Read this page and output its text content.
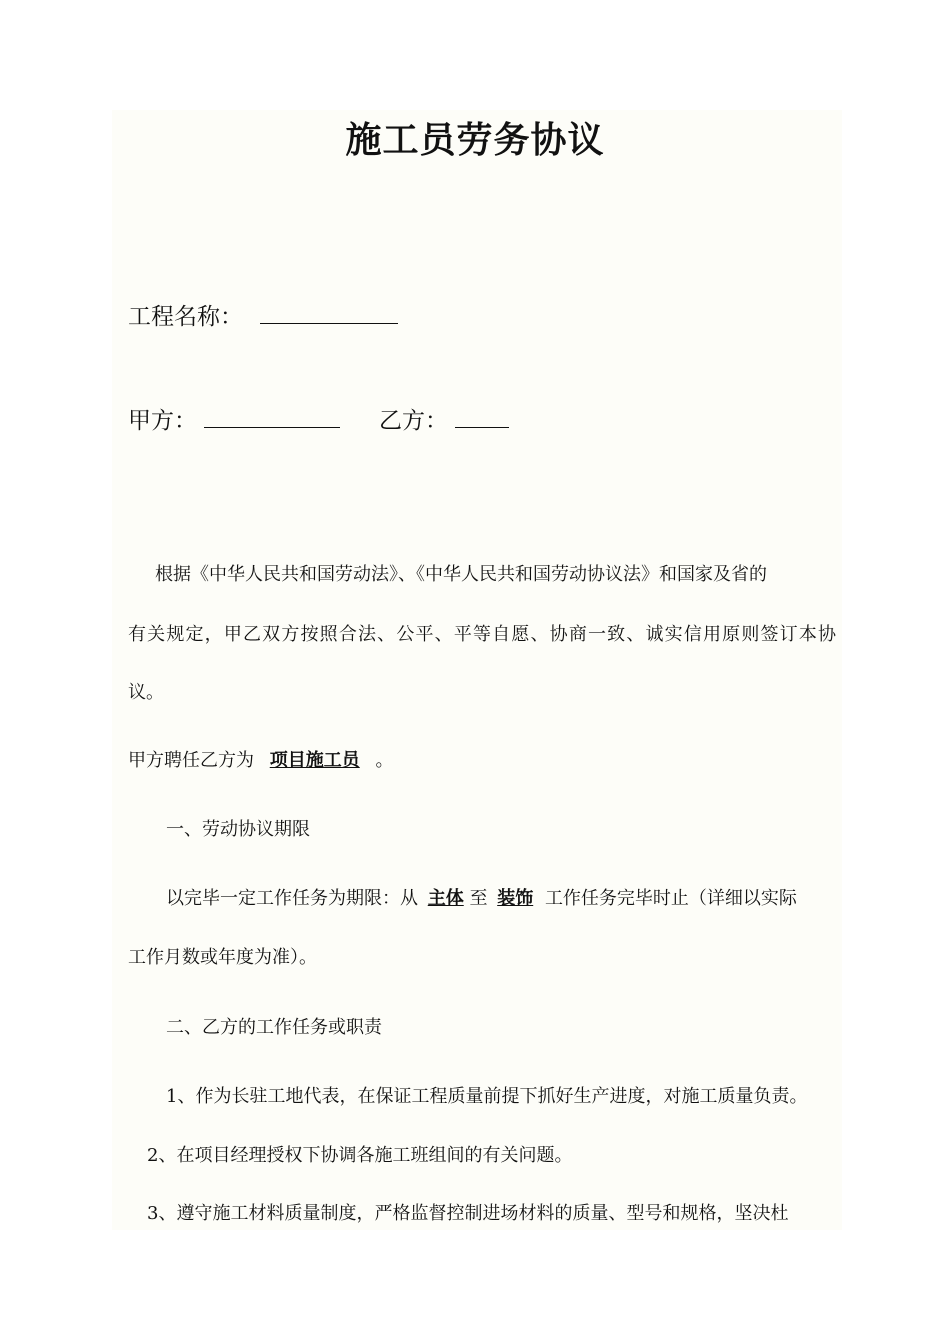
施工员劳务协议
工程名称：
甲方：	乙方：
根据《中华人民共和国劳动法》、《中华人民共和国劳动协议法》和国家及省的
有关规定，甲乙双方按照合法、公平、平等自愿、协商一致、诚实信用原则签订本协
议。
甲方聘任乙方为 项目施工员 。
一、劳动协议期限
以完毕一定工作任务为期限：从 主体 至 装饰 工作任务完毕时止（详细以实际
工作月数或年度为准）。
二、乙方的工作任务或职责
1、作为长驻工地代表，在保证工程质量前提下抓好生产进度，对施工质量负责。
2、在项目经理授权下协调各施工班组间的有关问题。
3、遵守施工材料质量制度，严格监督控制进场材料的质量、型号和规格，坚决杜
